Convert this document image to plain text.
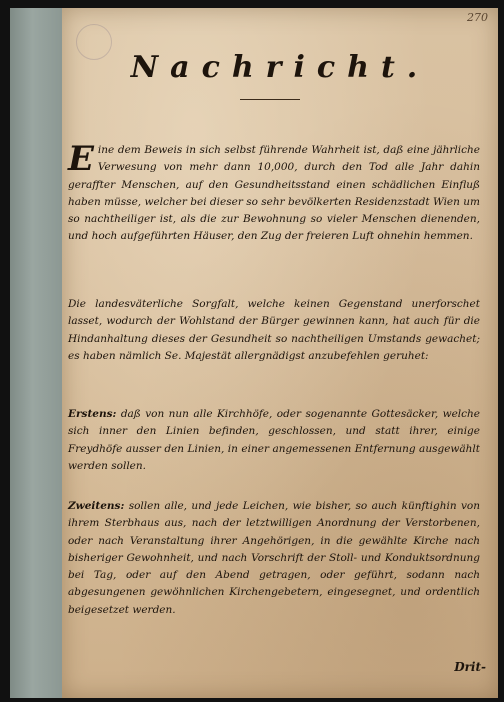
270
Nachricht.

Eine dem Beweis in sich selbst führende Wahrheit ist, daß eine jährliche Verwesung von mehr dann 10,000, durch den Tod alle Jahr dahin geraffter Menschen, auf den Gesundheitsstand einen schädlichen Einfluß haben müsse, welcher bei dieser so sehr bevölkerten Residenzstadt Wien um so nachtheiliger ist, als die zur Bewohnung so vieler Menschen dienenden, und hoch aufgeführten Häuser, den Zug der freieren Luft ohnehin hemmen.

Die landesväterliche Sorgfalt, welche keinen Gegenstand unerforschet lasset, wodurch der Wohlstand der Bürger gewinnen kann, hat auch für die Hindanhaltung dieses der Gesundheit so nachtheiligen Umstands gewachet; es haben nämlich Se. Majestät allergnädigst anzubefehlen geruhet:

Erstens: daß von nun alle Kirchhöfe, oder sogenannte Gottesäcker, welche sich inner den Linien befinden, geschlossen, und statt ihrer, einige Freydhöfe ausser den Linien, in einer angemessenen Entfernung ausgewählt werden sollen.

Zweitens: sollen alle, und jede Leichen, wie bisher, so auch künftighin von ihrem Sterbhaus aus, nach der letztwilligen Anordnung der Verstorbenen, oder nach Veranstaltung ihrer Angehörigen, in die gewählte Kirche nach bisheriger Gewohnheit, und nach Vorschrift der Stoll- und Konduktsordnung bei Tag, oder auf den Abend getragen, oder geführt, sodann nach abgesungenen gewöhnlichen Kirchengebetern, eingesegnet, und ordentlich beigesetzet werden.

Drit-
